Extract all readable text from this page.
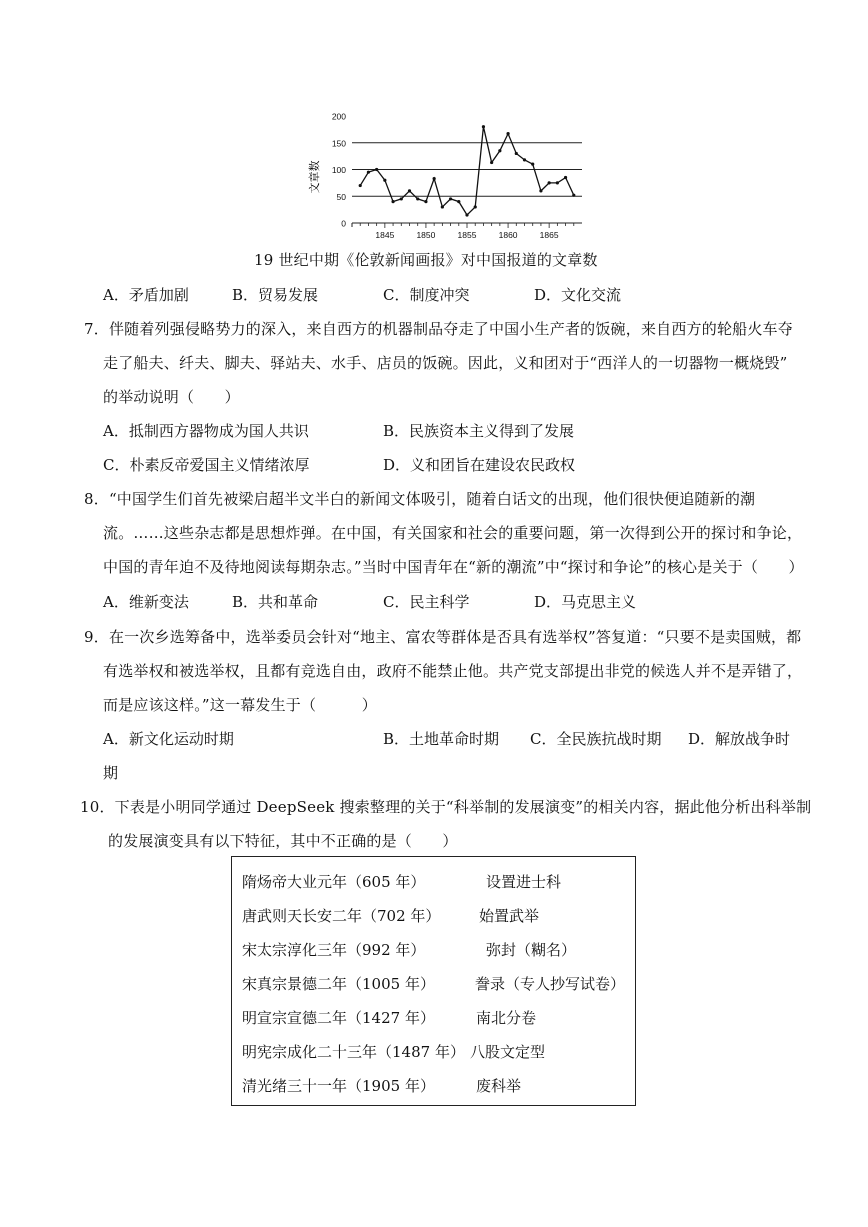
0
50
100
150
200
1845	1850	1855	1860	1865
文章数
19 世纪中期《伦敦新闻画报》对中国报道的文章数
A．矛盾加剧	B．贸易发展	C．制度冲突	D．文化交流
7．伴随着列强侵略势力的深入，来自西方的机器制品夺走了中国小生产者的饭碗，来自西方的轮船火车夺
走了船夫、纤夫、脚夫、驿站夫、水手、店员的饭碗。因此，义和团对于“西洋人的一切器物一概烧毁”
的举动说明（　　）
A．抵制西方器物成为国人共识	B．民族资本主义得到了发展
C．朴素反帝爱国主义情绪浓厚	D．义和团旨在建设农民政权
8．“中国学生们首先被梁启超半文半白的新闻文体吸引，随着白话文的出现，他们很快便追随新的潮
流。……这些杂志都是思想炸弹。在中国，有关国家和社会的重要问题，第一次得到公开的探讨和争论，
中国的青年迫不及待地阅读每期杂志。”当时中国青年在“新的潮流”中“探讨和争论”的核心是关于（　　）
A．维新变法	B．共和革命	C．民主科学	D．马克思主义
9．在一次乡选筹备中，选举委员会针对“地主、富农等群体是否具有选举权”答复道：“只要不是卖国贼，都
有选举权和被选举权，且都有竞选自由，政府不能禁止他。共产党支部提出非党的候选人并不是弄错了，
而是应该这样。”这一幕发生于（　　　）
A．新文化运动时期	B．土地革命时期 C．全民族抗战时期 D．解放战争时
期
10．下表是小明同学通过 DeepSeek 搜索整理的关于“科举制的发展演变”的相关内容，据此他分析出科举制
的发展演变具有以下特征，其中不正确的是（　　）
隋炀帝大业元年（605 年）	设置进士科
唐武则天长安二年（702 年）	始置武举
宋太宗淳化三年（992 年）	弥封（糊名）
宋真宗景德二年（1005 年）	誊录（专人抄写试卷）
明宣宗宣德二年（1427 年）	南北分卷
明宪宗成化二十三年（1487 年） 八股文定型
清光绪三十一年（1905 年）	废科举
